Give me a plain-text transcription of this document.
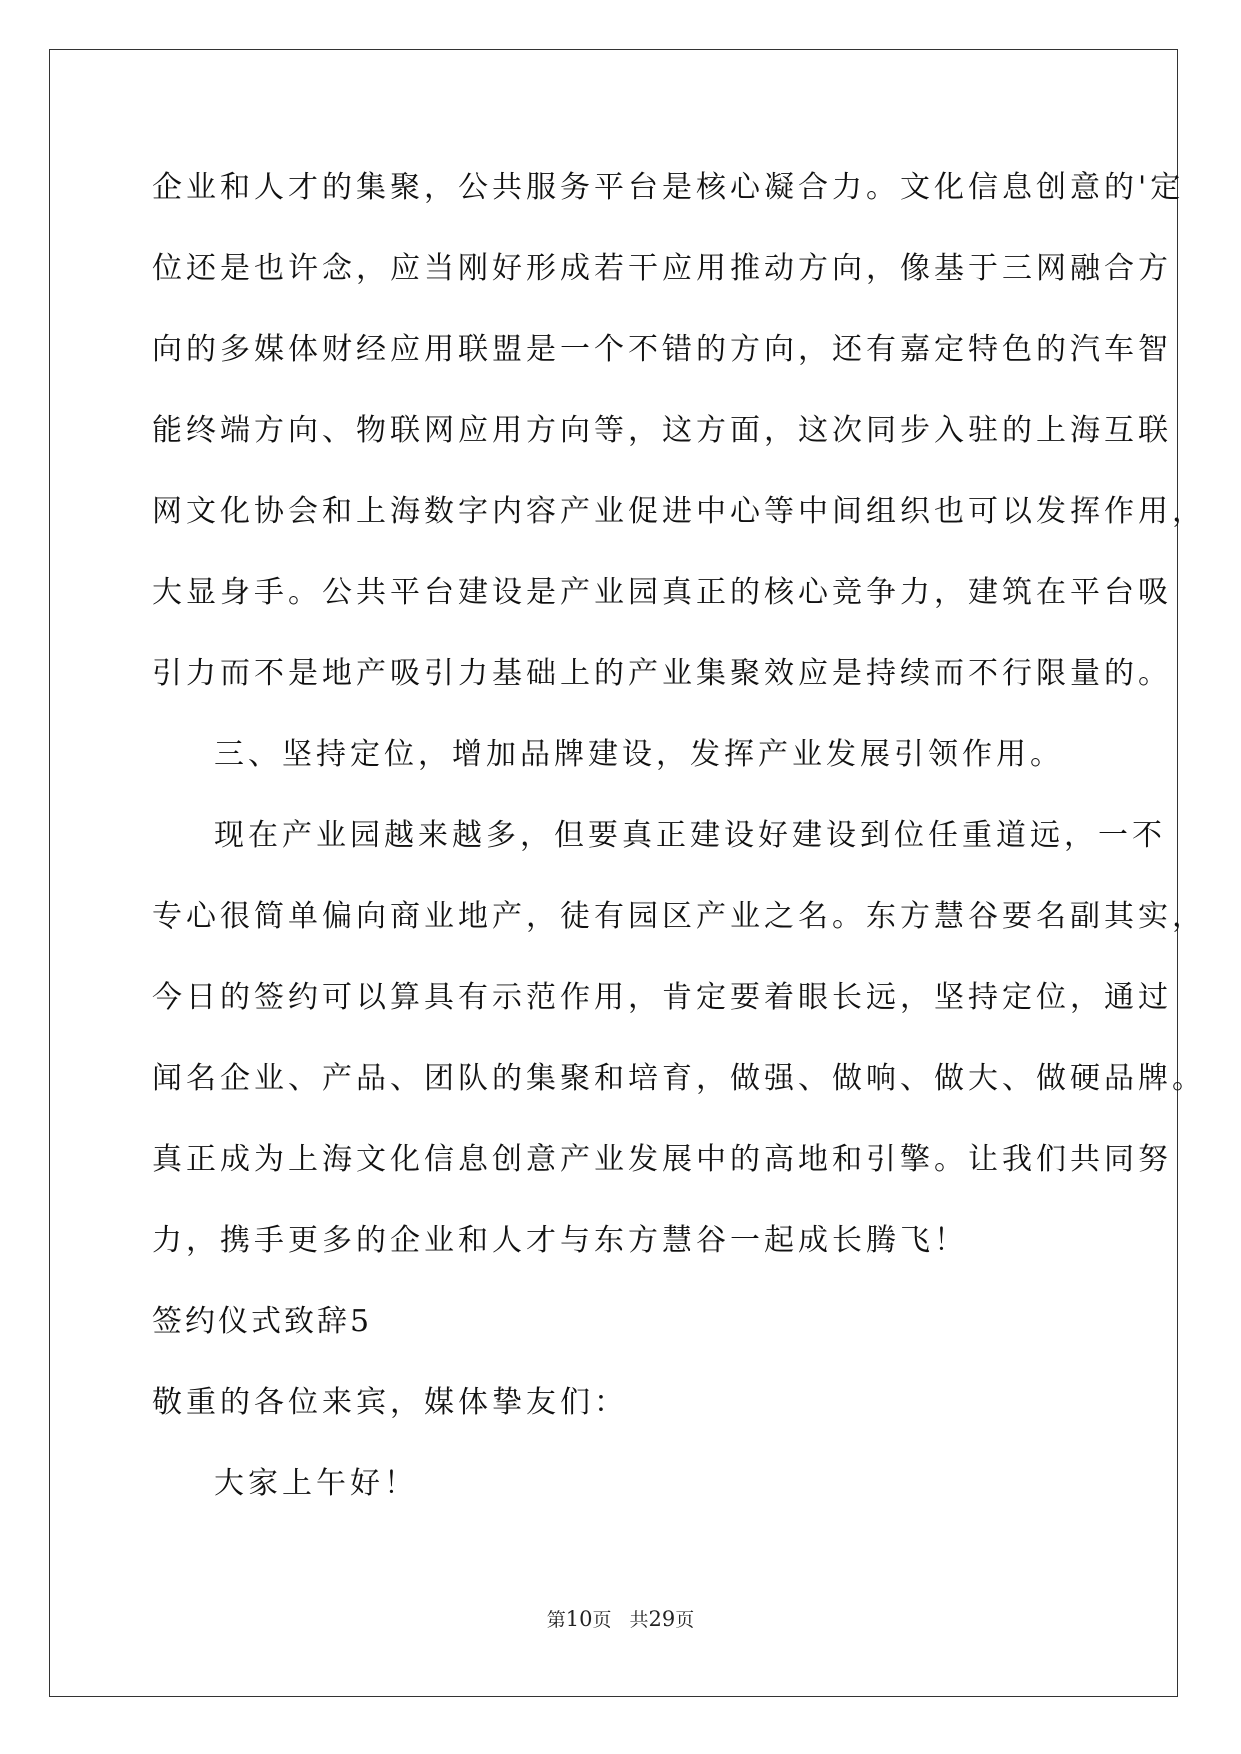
企业和人才的集聚，公共服务平台是核心凝合力。文化信息创意的'定
位还是也许念，应当刚好形成若干应用推动方向，像基于三网融合方
向的多媒体财经应用联盟是一个不错的方向，还有嘉定特色的汽车智
能终端方向、物联网应用方向等，这方面，这次同步入驻的上海互联
网文化协会和上海数字内容产业促进中心等中间组织也可以发挥作用，
大显身手。公共平台建设是产业园真正的核心竞争力，建筑在平台吸
引力而不是地产吸引力基础上的产业集聚效应是持续而不行限量的。
三、坚持定位，增加品牌建设，发挥产业发展引领作用。
现在产业园越来越多，但要真正建设好建设到位任重道远，一不
专心很简单偏向商业地产，徒有园区产业之名。东方慧谷要名副其实，
今日的签约可以算具有示范作用，肯定要着眼长远，坚持定位，通过
闻名企业、产品、团队的集聚和培育，做强、做响、做大、做硬品牌。
真正成为上海文化信息创意产业发展中的高地和引擎。让我们共同努
力，携手更多的企业和人才与东方慧谷一起成长腾飞！
签约仪式致辞5
敬重的各位来宾，媒体挚友们：
大家上午好！
第10页 共29页
